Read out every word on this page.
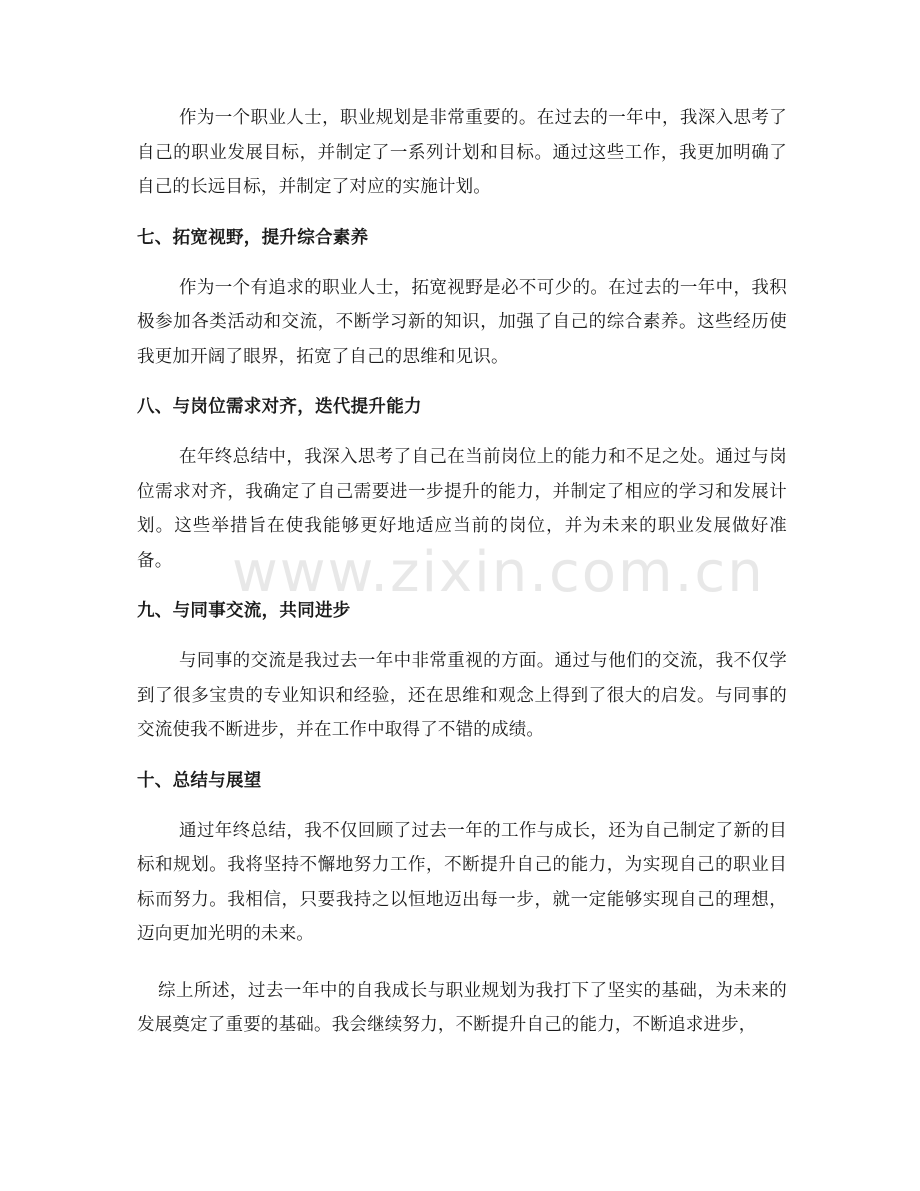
作为一个职业人士，职业规划是非常重要的。在过去的一年中，我深入思考了自己的职业发展目标，并制定了一系列计划和目标。通过这些工作，我更加明确了自己的长远目标，并制定了对应的实施计划。

七、拓宽视野，提升综合素养

作为一个有追求的职业人士，拓宽视野是必不可少的。在过去的一年中，我积极参加各类活动和交流，不断学习新的知识，加强了自己的综合素养。这些经历使我更加开阔了眼界，拓宽了自己的思维和见识。

八、与岗位需求对齐，迭代提升能力

在年终总结中，我深入思考了自己在当前岗位上的能力和不足之处。通过与岗位需求对齐，我确定了自己需要进一步提升的能力，并制定了相应的学习和发展计划。这些举措旨在使我能够更好地适应当前的岗位，并为未来的职业发展做好准备。

九、与同事交流，共同进步

与同事的交流是我过去一年中非常重视的方面。通过与他们的交流，我不仅学到了很多宝贵的专业知识和经验，还在思维和观念上得到了很大的启发。与同事的交流使我不断进步，并在工作中取得了不错的成绩。

十、总结与展望

通过年终总结，我不仅回顾了过去一年的工作与成长，还为自己制定了新的目标和规划。我将坚持不懈地努力工作，不断提升自己的能力，为实现自己的职业目标而努力。我相信，只要我持之以恒地迈出每一步，就一定能够实现自己的理想，迈向更加光明的未来。

综上所述，过去一年中的自我成长与职业规划为我打下了坚实的基础，为未来的发展奠定了重要的基础。我会继续努力，不断提升自己的能力，不断追求进步，

www.zixin.com.cn
